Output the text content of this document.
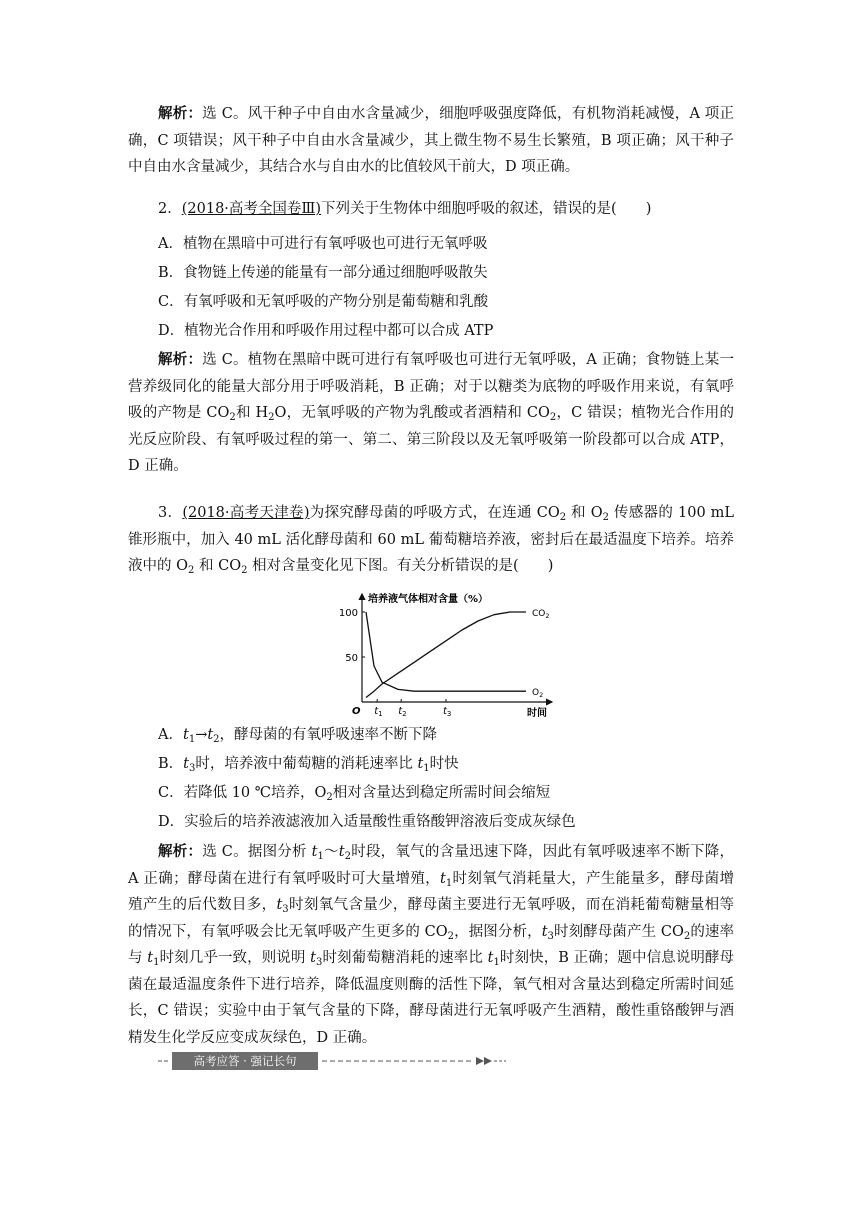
解析：选 C。风干种子中自由水含量减少，细胞呼吸强度降低，有机物消耗减慢，A 项正确，C 项错误；风干种子中自由水含量减少，其上微生物不易生长繁殖，B 项正确；风干种子中自由水含量减少，其结合水与自由水的比值较风干前大，D 项正确。

2．(2018·高考全国卷Ⅲ)下列关于生物体中细胞呼吸的叙述，错误的是(　　)

A．植物在黑暗中可进行有氧呼吸也可进行无氧呼吸

B．食物链上传递的能量有一部分通过细胞呼吸散失

C．有氧呼吸和无氧呼吸的产物分别是葡萄糖和乳酸

D．植物光合作用和呼吸作用过程中都可以合成 ATP

解析：选 C。植物在黑暗中既可进行有氧呼吸也可进行无氧呼吸，A 正确；食物链上某一营养级同化的能量大部分用于呼吸消耗，B 正确；对于以糖类为底物的呼吸作用来说，有氧呼吸的产物是 $CO_2$和 $H_2O$，无氧呼吸的产物为乳酸或者酒精和 $CO_2$，C 错误；植物光合作用的光反应阶段、有氧呼吸过程的第一、第二、第三阶段以及无氧呼吸第一阶段都可以合成 ATP，D 正确。

3．(2018·高考天津卷)为探究酵母菌的呼吸方式，在连通 $CO_2$ 和 $O_2$ 传感器的 100 mL 锥形瓶中，加入 40 mL 活化酵母菌和 60 mL 葡萄糖培养液，密封后在最适温度下培养。培养液中的 $O_2$ 和 $CO_2$ 相对含量变化见下图。有关分析错误的是(　　)

培养液气体相对含量（%）
时间
O
100
50
$t_1$ $t_2$	$t_3$
$CO_2$
$O_2$

A．$t_1\to t_2$，酵母菌的有氧呼吸速率不断下降

B．$t_3$时，培养液中葡萄糖的消耗速率比 $t_1$时快

C．若降低 10 ℃培养，$O_2$相对含量达到稳定所需时间会缩短

D．实验后的培养液滤液加入适量酸性重铬酸钾溶液后变成灰绿色

解析：选 C。据图分析 $t_1\sim t_2$时段，氧气的含量迅速下降，因此有氧呼吸速率不断下降，A 正确；酵母菌在进行有氧呼吸时可大量增殖，$t_1$时刻氧气消耗量大，产生能量多，酵母菌增殖产生的后代数目多，$t_3$时刻氧气含量少，酵母菌主要进行无氧呼吸，而在消耗葡萄糖量相等的情况下，有氧呼吸会比无氧呼吸产生更多的 $CO_2$，据图分析，$t_3$时刻酵母菌产生 $CO_2$的速率与 $t_1$时刻几乎一致，则说明 $t_3$时刻葡萄糖消耗的速率比 $t_1$时刻快，B 正确；题中信息说明酵母菌在最适温度条件下进行培养，降低温度则酶的活性下降，氧气相对含量达到稳定所需时间延长，C 错误；实验中由于氧气含量的下降，酵母菌进行无氧呼吸产生酒精，酸性重铬酸钾与酒精发生化学反应变成灰绿色，D 正确。

高考应答 · 强记长句
